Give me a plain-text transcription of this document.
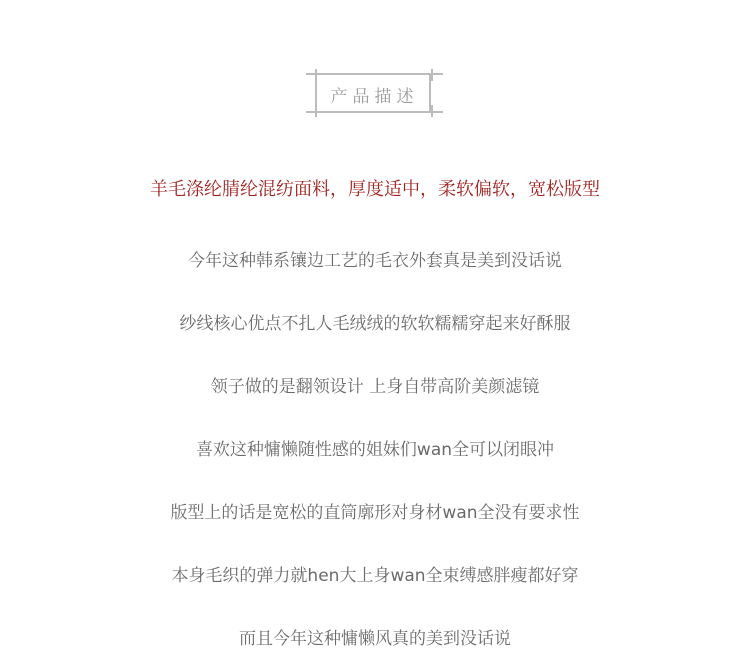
产品描述
羊毛涤纶腈纶混纺面料，厚度适中，柔软偏软，宽松版型
今年这种韩系镶边工艺的毛衣外套真是美到没话说
纱线核心优点不扎人毛绒绒的软软糯糯穿起来好酥服
领子做的是翻领设计 上身自带高阶美颜滤镜
喜欢这种慵懒随性感的姐妹们wan全可以闭眼冲
版型上的话是宽松的直筒廓形对身材wan全没有要求性
本身毛织的弹力就hen大上身wan全束缚感胖瘦都好穿
而且今年这种慵懒风真的美到没话说
